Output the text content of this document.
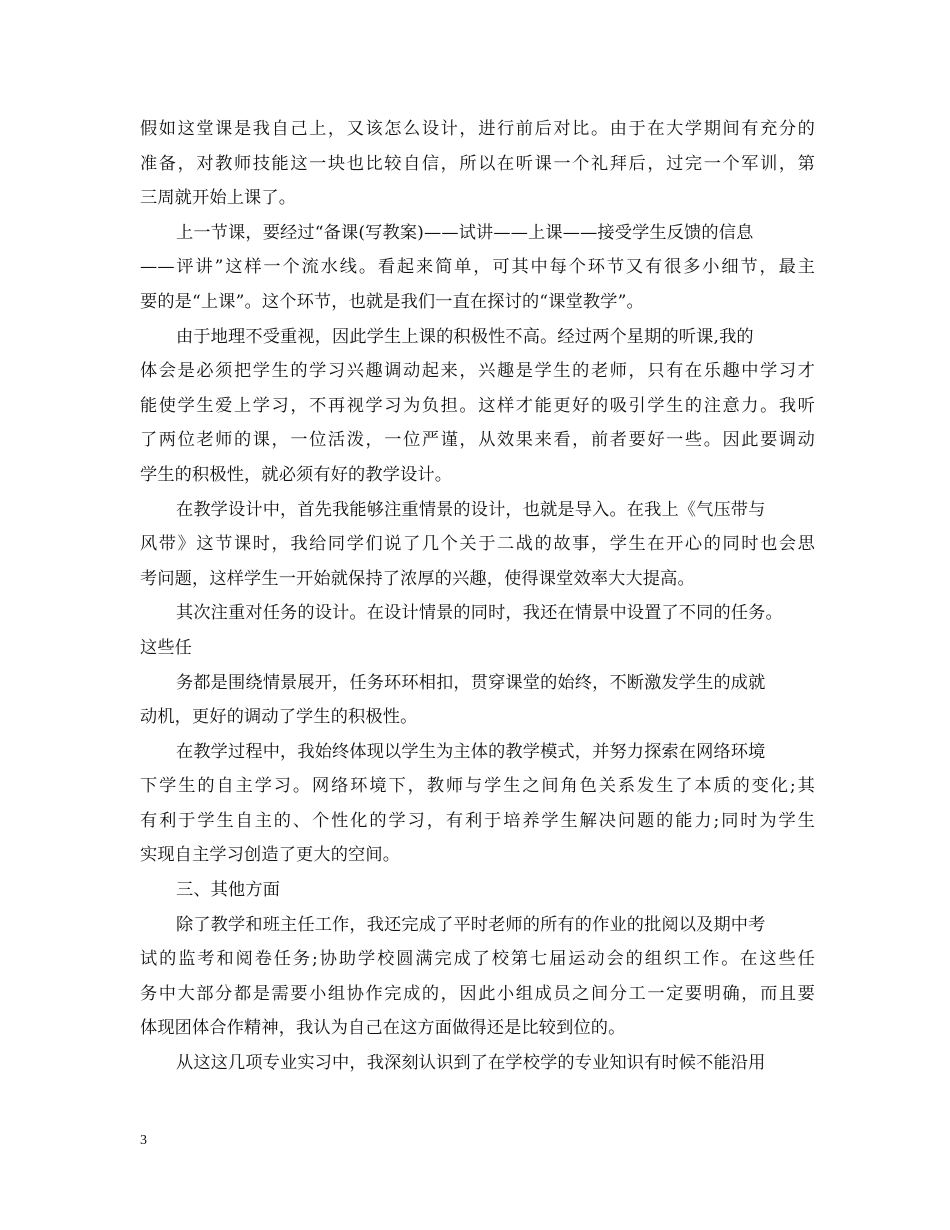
假如这堂课是我自己上，又该怎么设计，进行前后对比。由于在大学期间有充分的
准备，对教师技能这一块也比较自信，所以在听课一个礼拜后，过完一个军训，第
三周就开始上课了。
上一节课，要经过“备课(写教案)——试讲——上课——接受学生反馈的信息
——评讲”这样一个流水线。看起来简单，可其中每个环节又有很多小细节，最主
要的是“上课”。这个环节，也就是我们一直在探讨的“课堂教学”。
由于地理不受重视，因此学生上课的积极性不高。经过两个星期的听课,我的
体会是必须把学生的学习兴趣调动起来，兴趣是学生的老师，只有在乐趣中学习才
能使学生爱上学习，不再视学习为负担。这样才能更好的吸引学生的注意力。我听
了两位老师的课，一位活泼，一位严谨，从效果来看，前者要好一些。因此要调动
学生的积极性，就必须有好的教学设计。
在教学设计中，首先我能够注重情景的设计，也就是导入。在我上《气压带与
风带》这节课时，我给同学们说了几个关于二战的故事，学生在开心的同时也会思
考问题，这样学生一开始就保持了浓厚的兴趣，使得课堂效率大大提高。
其次注重对任务的设计。在设计情景的同时，我还在情景中设置了不同的任务。
这些任
务都是围绕情景展开，任务环环相扣，贯穿课堂的始终，不断激发学生的成就
动机，更好的调动了学生的积极性。
在教学过程中，我始终体现以学生为主体的教学模式，并努力探索在网络环境
下学生的自主学习。网络环境下，教师与学生之间角色关系发生了本质的变化;其
有利于学生自主的、个性化的学习，有利于培养学生解决问题的能力;同时为学生
实现自主学习创造了更大的空间。
三、其他方面
除了教学和班主任工作，我还完成了平时老师的所有的作业的批阅以及期中考
试的监考和阅卷任务;协助学校圆满完成了校第七届运动会的组织工作。在这些任
务中大部分都是需要小组协作完成的，因此小组成员之间分工一定要明确，而且要
体现团体合作精神，我认为自己在这方面做得还是比较到位的。
从这这几项专业实习中，我深刻认识到了在学校学的专业知识有时候不能沿用
3
